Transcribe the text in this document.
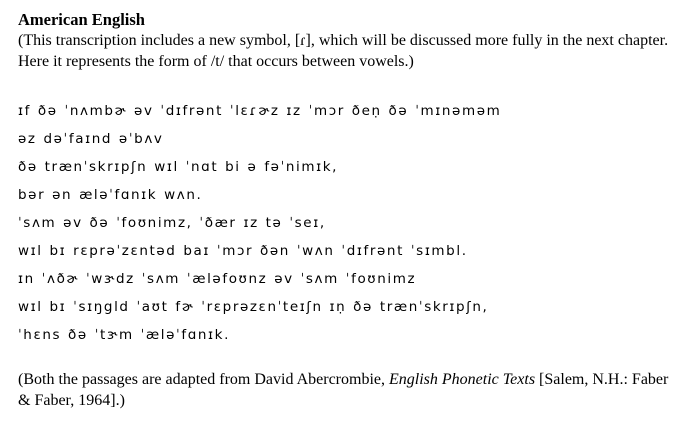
American English

(This transcription includes a new symbol, [ɾ], which will be discussed more fully in the next chapter. Here it represents the form of /t/ that occurs between vowels.)

ɪf ðə ˈnʌmbɚ əv ˈdɪfrənt ˈlɛɾɚz ɪz ˈmɔr ðeṇ ðə ˈmɪnəməm
əz dəˈfaɪnd əˈbʌv
ðə trænˈskrɪpʃn wɪl ˈnɑt bi ə fəˈnimɪk,
bər ən æləˈfɑnɪk wʌn.
ˈsʌm əv ðə ˈfoʊnimz, ˈðær ɪz tə ˈseɪ,
wɪl bɪ rɛprəˈzɛntəd baɪ ˈmɔr ðən ˈwʌn ˈdɪfrənt ˈsɪmbl.
ɪn ˈʌðɚ ˈwɝdz ˈsʌm ˈæləfoʊnz əv ˈsʌm ˈfoʊnimz
wɪl bɪ ˈsɪŋgld ˈaʊt fɚ ˈrɛprəzɛnˈteɪʃn ɪṇ ðə trænˈskrɪpʃn,
ˈhɛns ðə ˈtɝm ˈæləˈfɑnɪk.

(Both the passages are adapted from David Abercrombie, English Phonetic Texts [Salem, N.H.: Faber & Faber, 1964].)
